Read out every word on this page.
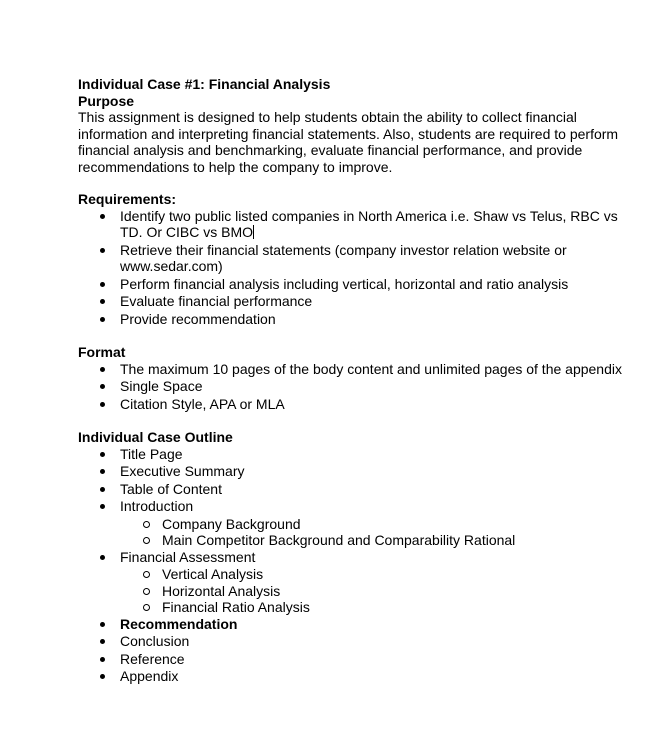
Individual Case #1: Financial Analysis

Purpose

This assignment is designed to help students obtain the ability to collect financial information and interpreting financial statements. Also, students are required to perform financial analysis and benchmarking, evaluate financial performance, and provide recommendations to help the company to improve.

Requirements:

Identify two public listed companies in North America i.e. Shaw vs Telus, RBC vs TD. Or CIBC vs BMO
Retrieve their financial statements (company investor relation website or www.sedar.com)
Perform financial analysis including vertical, horizontal and ratio analysis
Evaluate financial performance
Provide recommendation

Format

The maximum 10 pages of the body content and unlimited pages of the appendix
Single Space
Citation Style, APA or MLA

Individual Case Outline

Title Page
Executive Summary
Table of Content
Introduction
Company Background
Main Competitor Background and Comparability Rational
Financial Assessment
Vertical Analysis
Horizontal Analysis
Financial Ratio Analysis
Recommendation
Conclusion
Reference
Appendix
